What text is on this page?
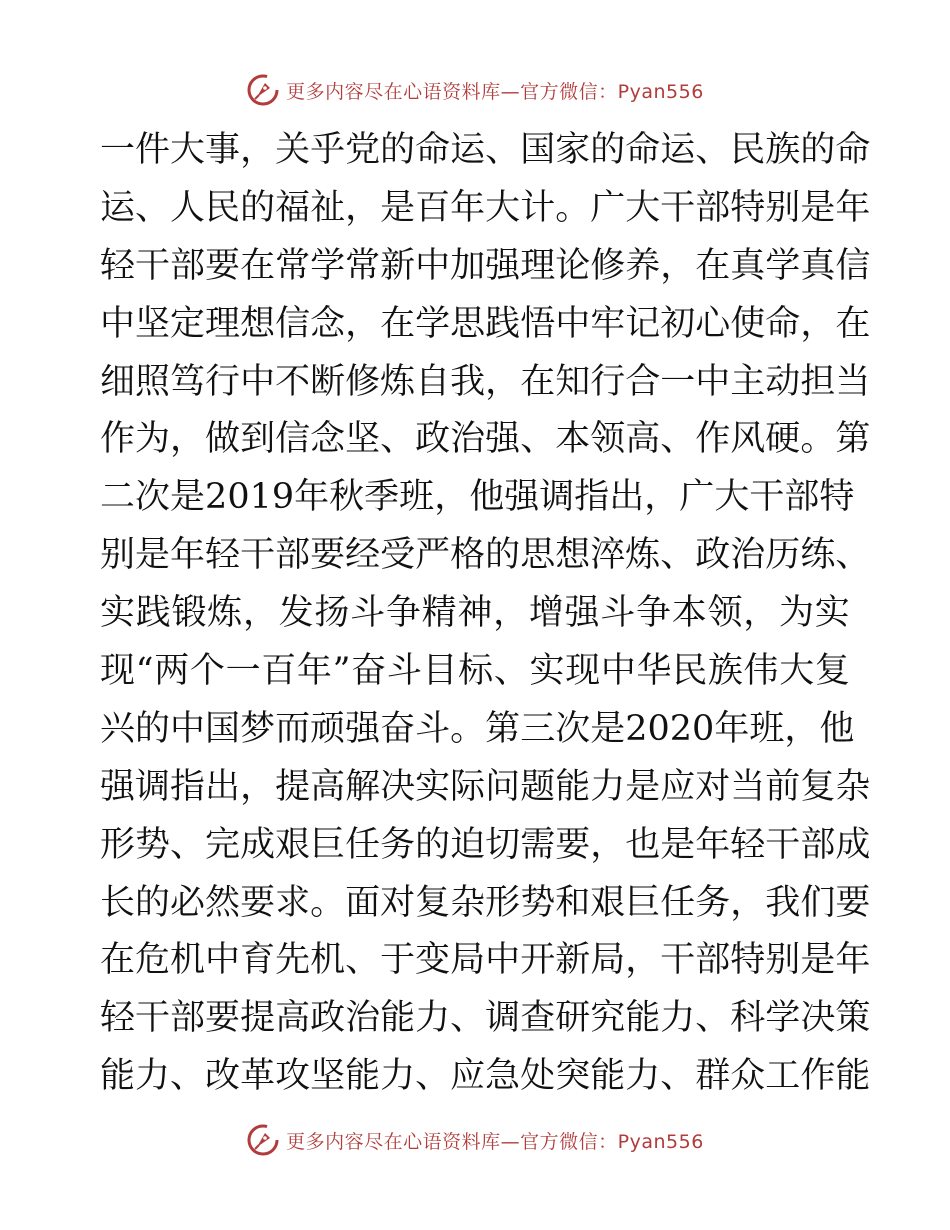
更多内容尽在心语资料库—官方微信：Pyan556
一 件 大 事 ， 关 乎 党 的 命 运 、 国 家 的 命 运 、 民 族 的 命
运 、 人 民 的 福 祉 ， 是 百 年 大 计 。 广 大 干 部 特 别 是 年
轻 干 部 要 在 常 学 常 新 中 加 强 理 论 修 养 ， 在 真 学 真 信
中 坚 定 理 想 信 念 ， 在 学 思 践 悟 中 牢 记 初 心 使 命 ， 在
细 照 笃 行 中 不 断 修 炼 自 我 ， 在 知 行 合 一 中 主 动 担 当
作 为 ， 做 到 信 念 坚 、 政 治 强 、 本 领 高 、 作 风 硬 。 第
二 次 是 2019 年 秋 季 班 ， 他 强 调 指 出 ， 广 大 干 部 特
别 是 年 轻 干 部 要 经 受 严 格 的 思 想 淬 炼 、 政 治 历 练 、
实 践 锻 炼 ， 发 扬 斗 争 精 神 ， 增 强 斗 争 本 领 ， 为 实
现 “ 两 个 一 百 年 ” 奋 斗 目 标 、 实 现 中 华 民 族 伟 大 复
兴 的 中 国 梦 而 顽 强 奋 斗 。 第 三 次 是 2020 年 班 ， 他
强 调 指 出 ， 提 高 解 决 实 际 问 题 能 力 是 应 对 当 前 复 杂
形 势 、 完 成 艰 巨 任 务 的 迫 切 需 要 ， 也 是 年 轻 干 部 成
长 的 必 然 要 求 。 面 对 复 杂 形 势 和 艰 巨 任 务 ， 我 们 要
在 危 机 中 育 先 机 、 于 变 局 中 开 新 局 ， 干 部 特 别 是 年
轻 干 部 要 提 高 政 治 能 力 、 调 查 研 究 能 力 、 科 学 决 策
能 力 、 改 革 攻 坚 能 力 、 应 急 处 突 能 力 、 群 众 工 作 能
更多内容尽在心语资料库—官方微信：Pyan556
